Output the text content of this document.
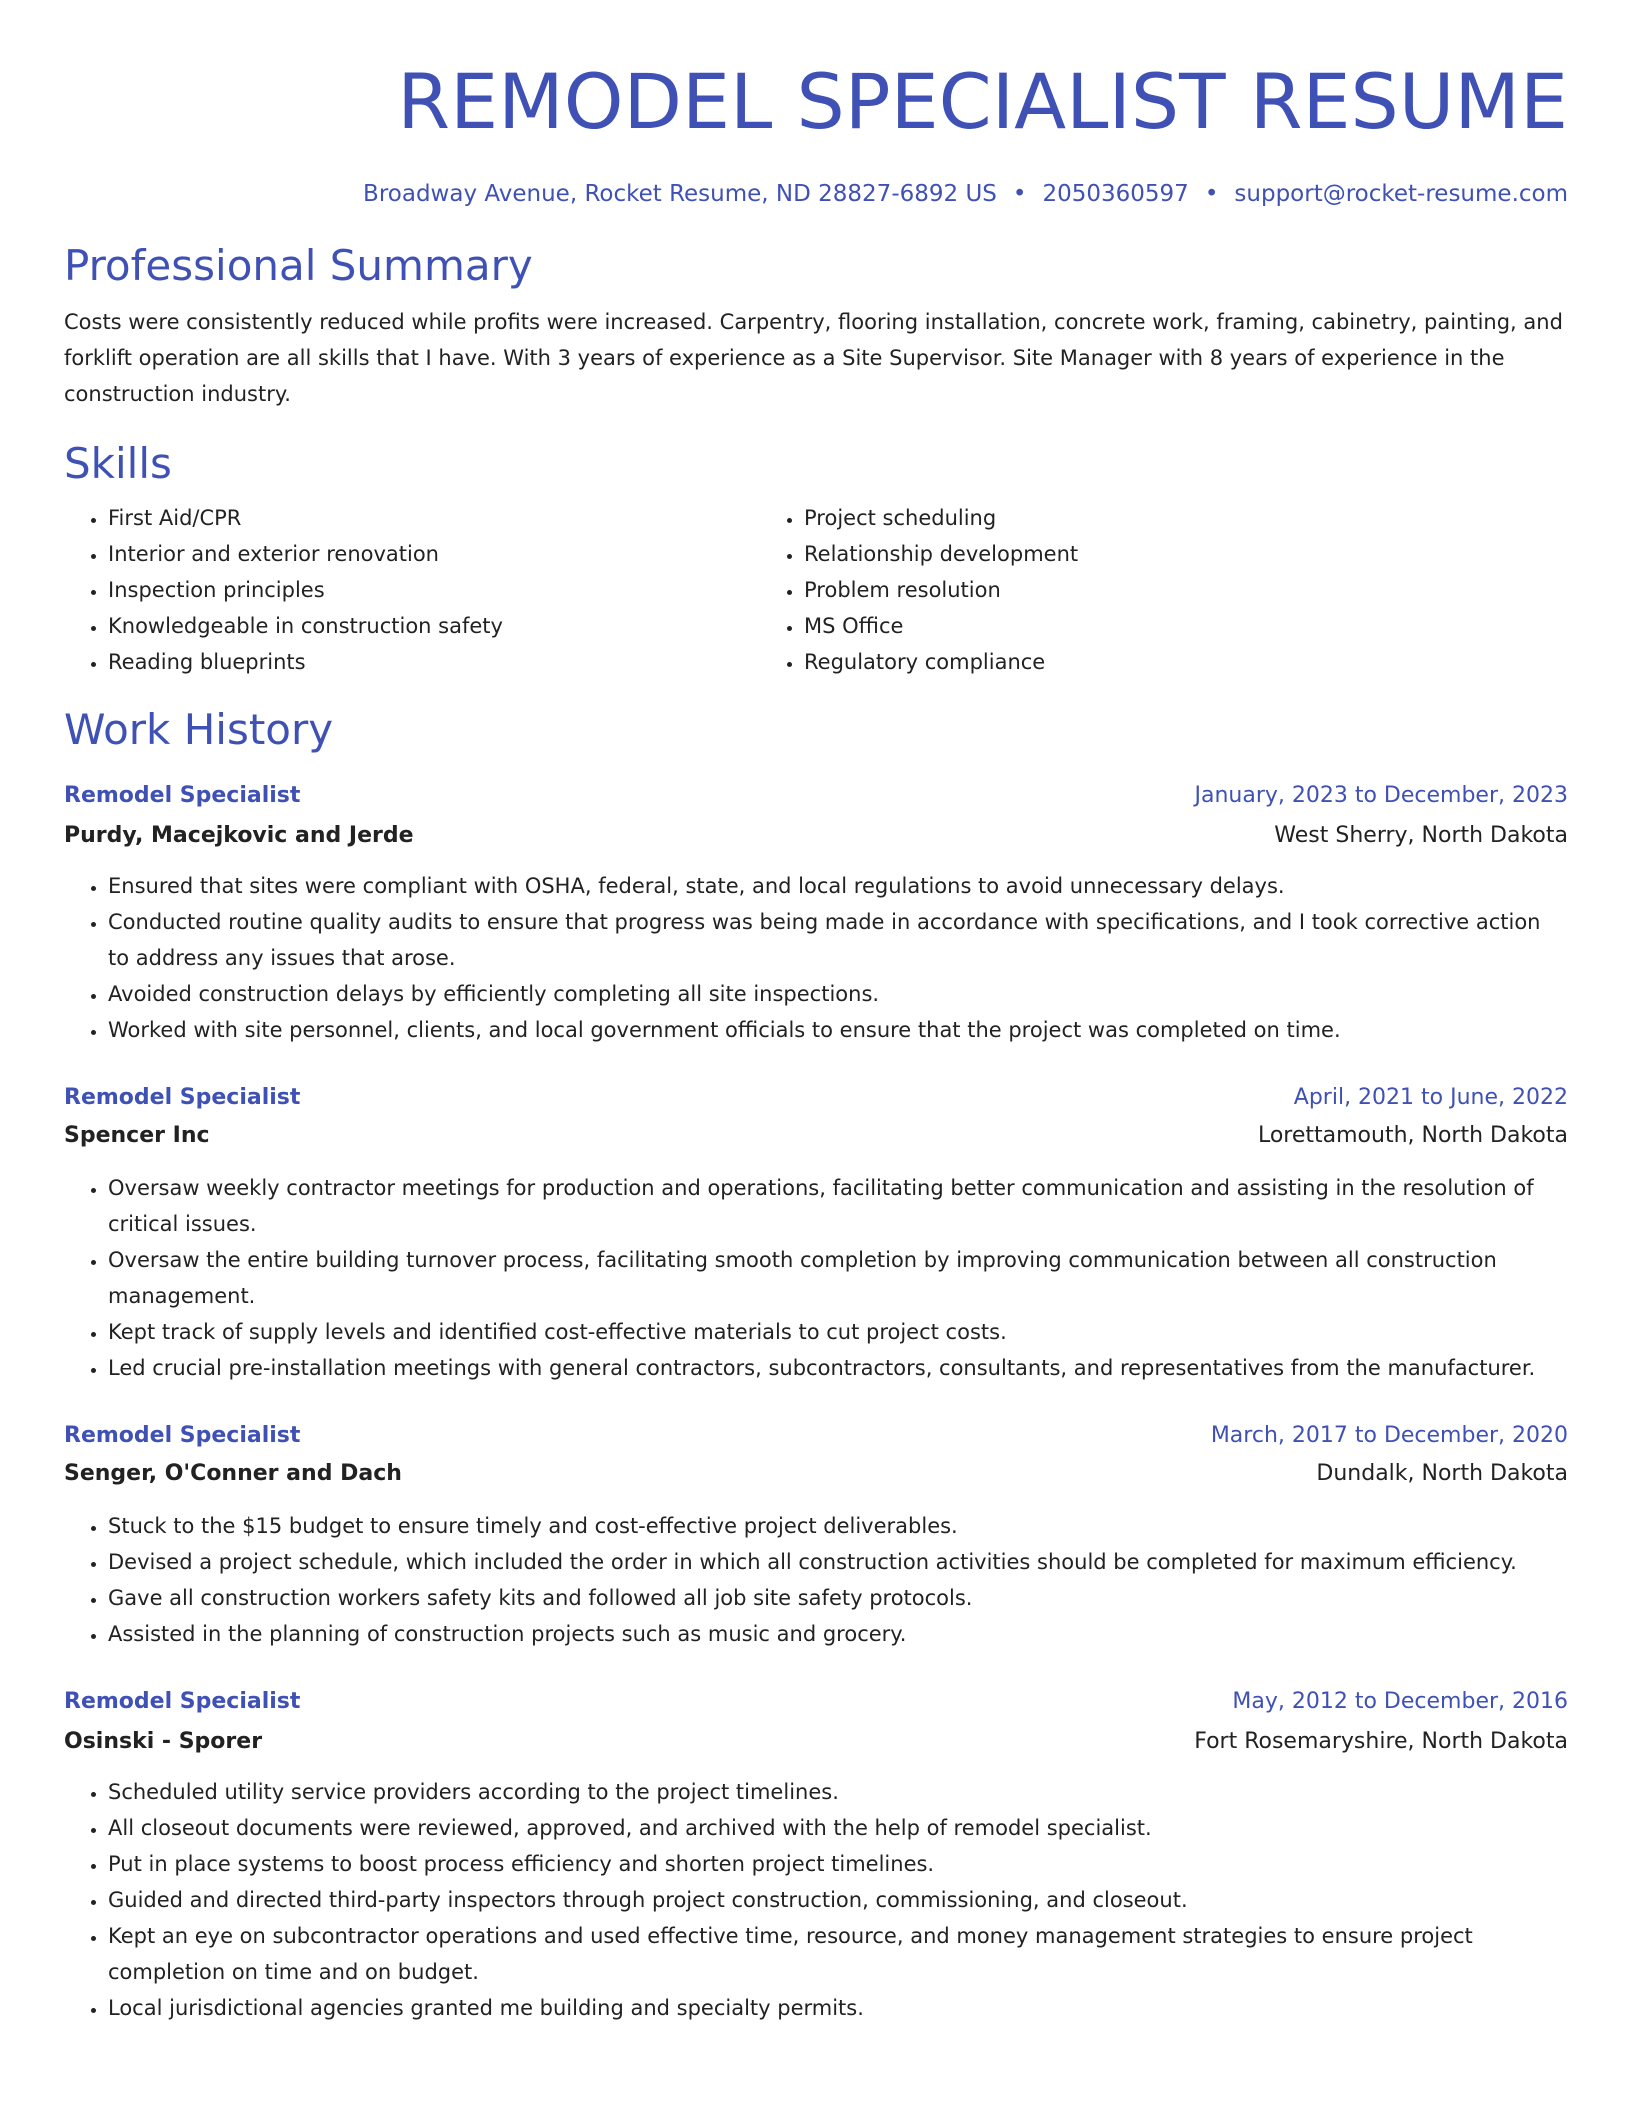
REMODEL SPECIALIST RESUME
Broadway Avenue, Rocket Resume, ND 28827-6892 US • 2050360597 • support@rocket-resume.com
Professional Summary
Costs were consistently reduced while profits were increased. Carpentry, flooring installation, concrete work, framing, cabinetry, painting, and forklift operation are all skills that I have. With 3 years of experience as a Site Supervisor. Site Manager with 8 years of experience in the construction industry.
Skills
• First Aid/CPR
• Interior and exterior renovation
• Inspection principles
• Knowledgeable in construction safety
• Reading blueprints
• Project scheduling
• Relationship development
• Problem resolution
• MS Office
• Regulatory compliance
Work History
Remodel Specialist	January, 2023 to December, 2023
Purdy, Macejkovic and Jerde	West Sherry, North Dakota
• Ensured that sites were compliant with OSHA, federal, state, and local regulations to avoid unnecessary delays.
• Conducted routine quality audits to ensure that progress was being made in accordance with specifications, and I took corrective action to address any issues that arose.
• Avoided construction delays by efficiently completing all site inspections.
• Worked with site personnel, clients, and local government officials to ensure that the project was completed on time.
Remodel Specialist	April, 2021 to June, 2022
Spencer Inc	Lorettamouth, North Dakota
• Oversaw weekly contractor meetings for production and operations, facilitating better communication and assisting in the resolution of critical issues.
• Oversaw the entire building turnover process, facilitating smooth completion by improving communication between all construction management.
• Kept track of supply levels and identified cost-effective materials to cut project costs.
• Led crucial pre-installation meetings with general contractors, subcontractors, consultants, and representatives from the manufacturer.
Remodel Specialist	March, 2017 to December, 2020
Senger, O'Conner and Dach	Dundalk, North Dakota
• Stuck to the $15 budget to ensure timely and cost-effective project deliverables.
• Devised a project schedule, which included the order in which all construction activities should be completed for maximum efficiency.
• Gave all construction workers safety kits and followed all job site safety protocols.
• Assisted in the planning of construction projects such as music and grocery.
Remodel Specialist	May, 2012 to December, 2016
Osinski - Sporer	Fort Rosemaryshire, North Dakota
• Scheduled utility service providers according to the project timelines.
• All closeout documents were reviewed, approved, and archived with the help of remodel specialist.
• Put in place systems to boost process efficiency and shorten project timelines.
• Guided and directed third-party inspectors through project construction, commissioning, and closeout.
• Kept an eye on subcontractor operations and used effective time, resource, and money management strategies to ensure project completion on time and on budget.
• Local jurisdictional agencies granted me building and specialty permits.
